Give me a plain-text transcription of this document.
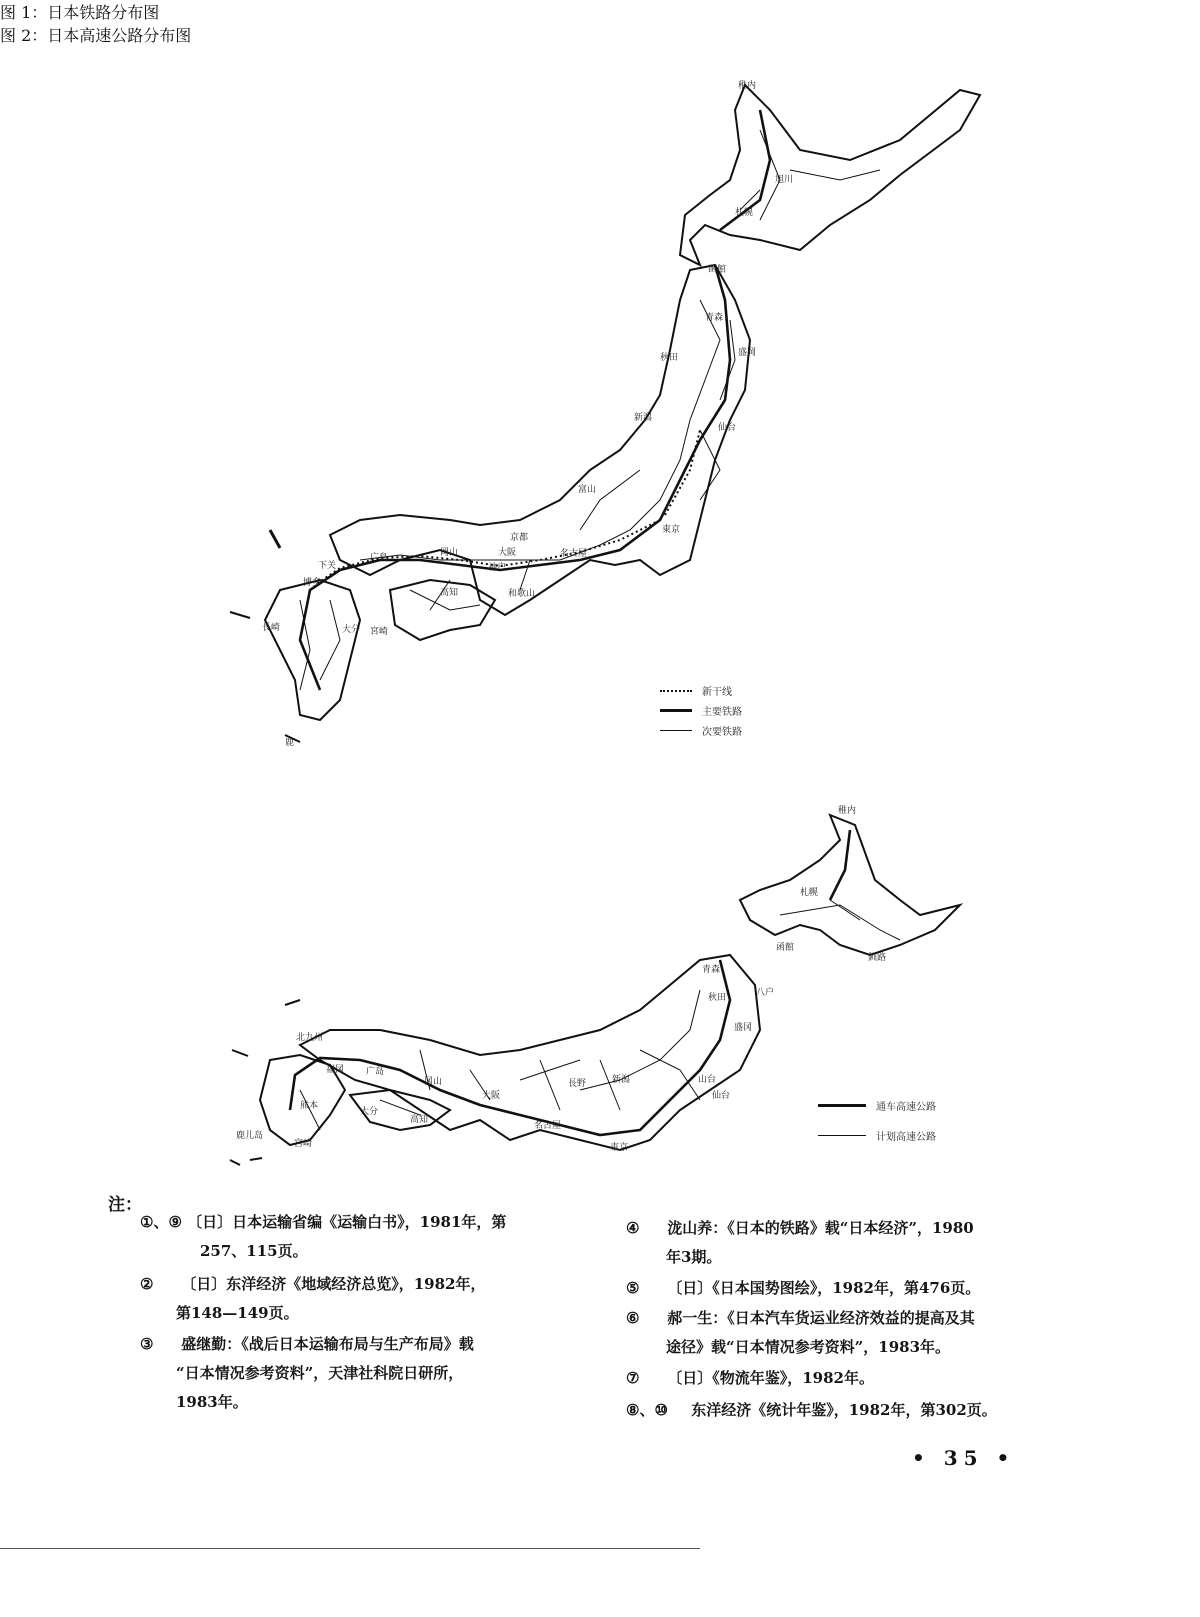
图 1：日本铁路分布图
稚内
旭川
札幌
函館
青森
秋田	盛岡
新潟
仙台
富山
東京
名古屋
大阪
京都
神户
和歌山
高知
岡山
广島
下关
博多
長崎	大分 宮崎
鹿
新干线
主要铁路
次要铁路
图 2：日本高速公路分布图
稚内
札幌
函館
釧路
青森
八户
秋田
盛冈
山台
仙台
新潟
長野
名古屋
東京
大阪
广岛
冈山
福冈
北九州
熊本
鹿儿岛
宫崎
大分
高知
通车高速公路
计划高速公路
注：
①、⑨ 〔日〕日本运输省编《运输白书》，1981年，第
257、115页。
② 〔日〕东洋经济《地域经济总览》，1982年，
第148—149页。
③ 盛继勤：《战后日本运输布局与生产布局》载
“日本情况参考资料”，天津社科院日研所，
1983年。
④ 泷山养：《日本的铁路》载“日本经济”，1980
年3期。
⑤ 〔日〕《日本国势图绘》，1982年，第476页。
⑥ 郝一生：《日本汽车货运业经济效益的提高及其
途径》载“日本情况参考资料”，1983年。
⑦ 〔日〕《物流年鉴》，1982年。
⑧、⑩ 东洋经济《统计年鉴》，1982年，第302页。
• 35 •
